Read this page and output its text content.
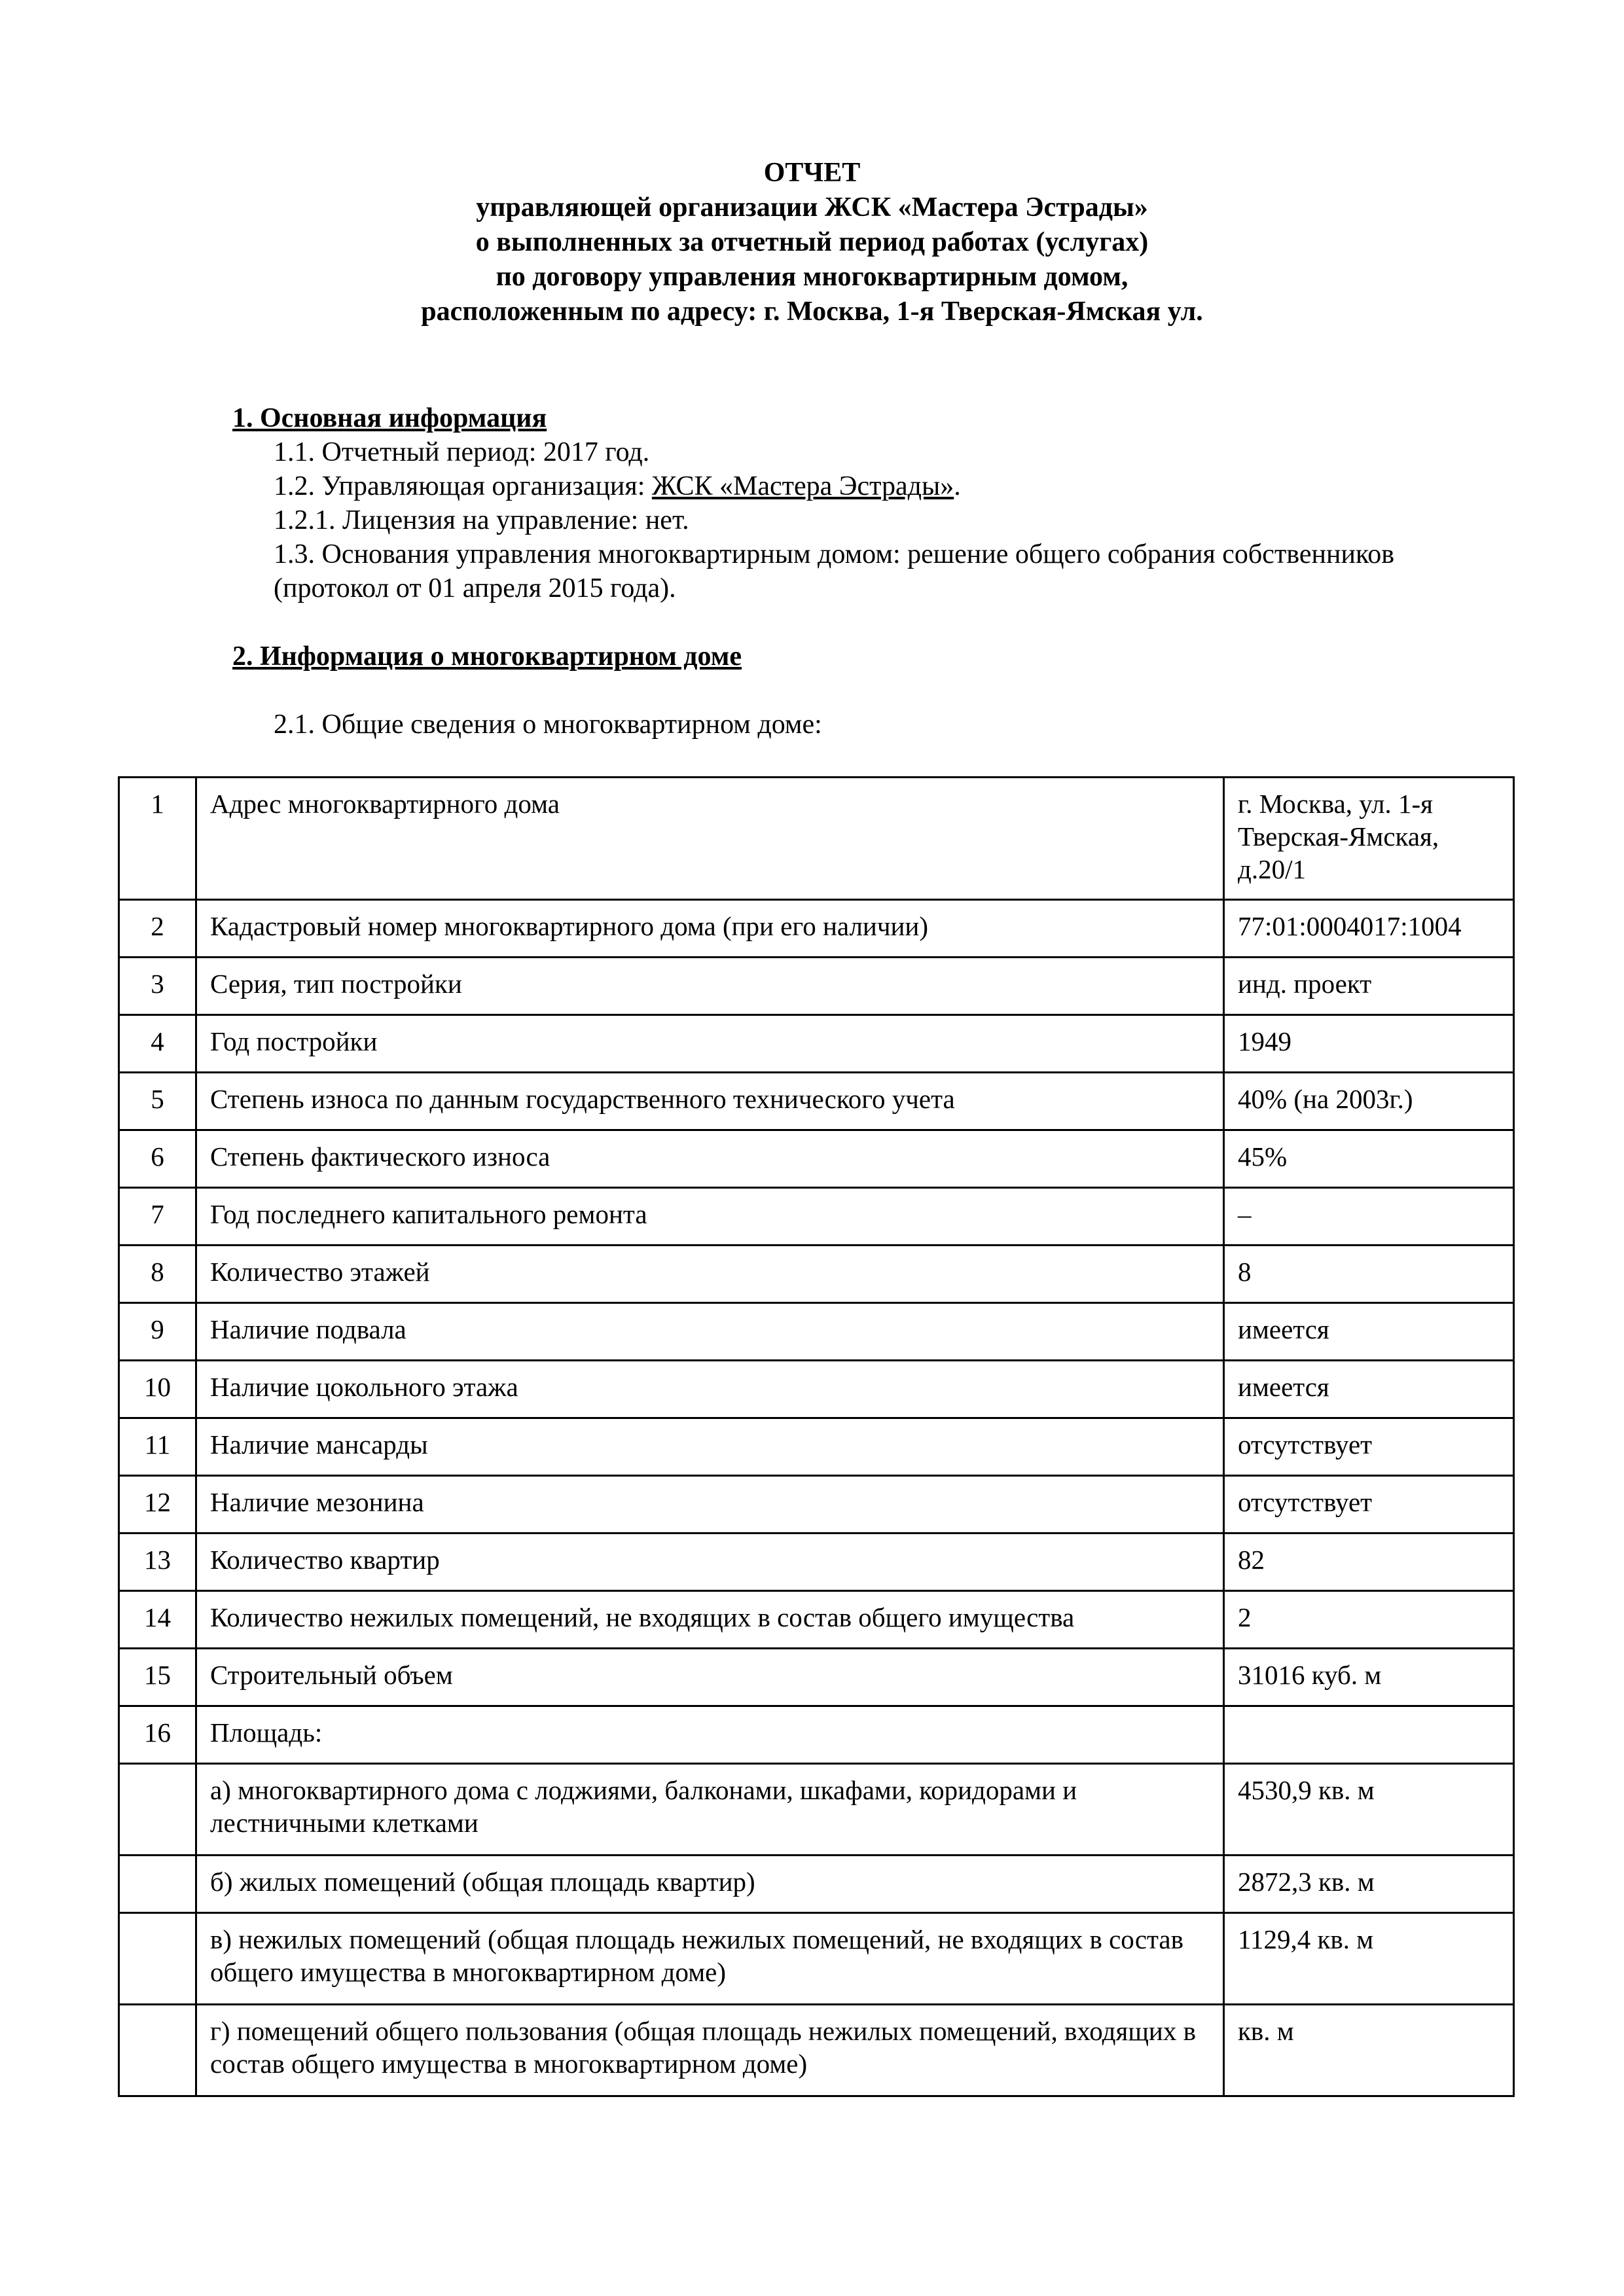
ОТЧЕТ
управляющей организации ЖСК «Мастера Эстрады»
о выполненных за отчетный период работах (услугах)
по договору управления многоквартирным домом,
расположенным по адресу: г. Москва, 1-я Тверская-Ямская ул.
1. Основная информация
1.1. Отчетный период: 2017 год.
1.2. Управляющая организация: ЖСК «Мастера Эстрады».
1.2.1. Лицензия на управление: нет.
1.3. Основания управления многоквартирным домом: решение общего собрания собственников
(протокол от 01 апреля 2015 года).
2. Информация о многоквартирном доме
2.1. Общие сведения о многоквартирном доме:
1	Адрес многоквартирного дома	г. Москва, ул. 1-я Тверская-Ямская, д.20/1
2	Кадастровый номер многоквартирного дома (при его наличии)	77:01:0004017:1004
3	Серия, тип постройки	инд. проект
4	Год постройки	1949
5	Степень износа по данным государственного технического учета	40% (на 2003г.)
6	Степень фактического износа	45%
7	Год последнего капитального ремонта	–
8	Количество этажей	8
9	Наличие подвала	имеется
10	Наличие цокольного этажа	имеется
11	Наличие мансарды	отсутствует
12	Наличие мезонина	отсутствует
13	Количество квартир	82
14	Количество нежилых помещений, не входящих в состав общего имущества	2
15	Строительный объем	31016 куб. м
16	Площадь:	
	а) многоквартирного дома с лоджиями, балконами, шкафами, коридорами и лестничными клетками	4530,9 кв. м
	б) жилых помещений (общая площадь квартир)	2872,3 кв. м
	в) нежилых помещений (общая площадь нежилых помещений, не входящих в состав общего имущества в многоквартирном доме)	1129,4 кв. м
	г) помещений общего пользования (общая площадь нежилых помещений, входящих в состав общего имущества в многоквартирном доме)	кв. м
